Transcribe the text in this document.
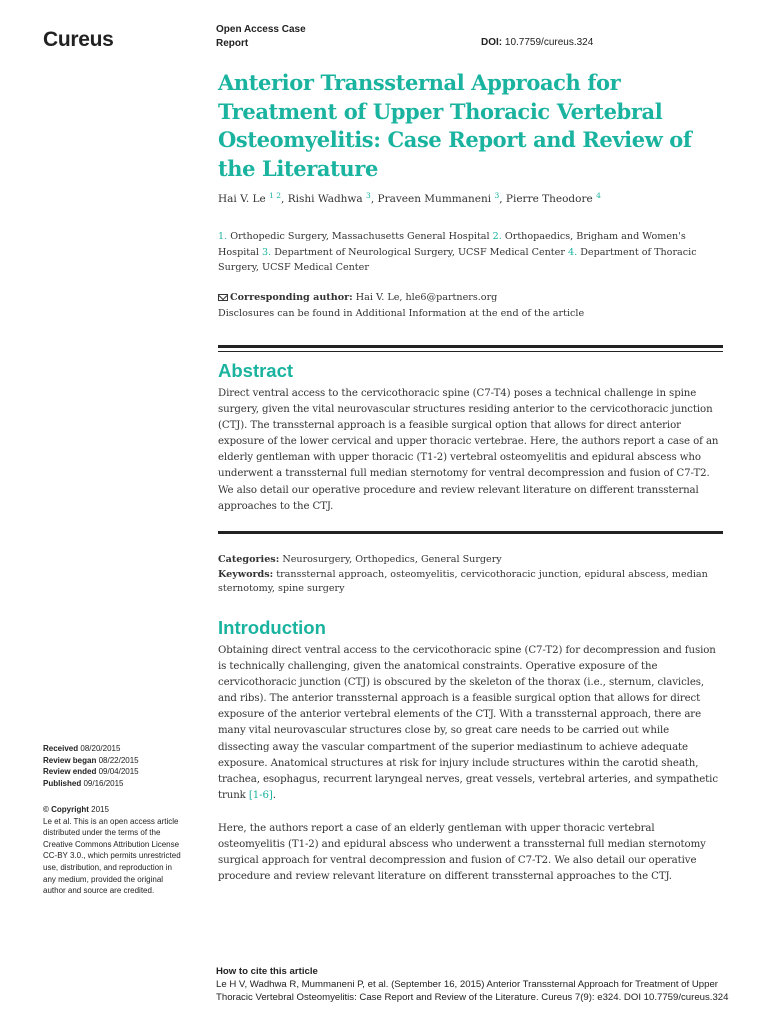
Cureus	Open Access Case
Report	DOI: 10.7759/cureus.324
Anterior Transsternal Approach for Treatment of Upper Thoracic Vertebral Osteomyelitis: Case Report and Review of the Literature
Hai V. Le $^{1 2}$, Rishi Wadhwa $^3$, Praveen Mummaneni $^3$, Pierre Theodore $^4$
1. Orthopedic Surgery, Massachusetts General Hospital 2. Orthopaedics, Brigham and Women's Hospital 3. Department of Neurological Surgery, UCSF Medical Center 4. Department of Thoracic Surgery, UCSF Medical Center
Corresponding author: Hai V. Le, hle6@partners.org
Disclosures can be found in Additional Information at the end of the article
Abstract
Direct ventral access to the cervicothoracic spine (C7-T4) poses a technical challenge in spine surgery, given the vital neurovascular structures residing anterior to the cervicothoracic junction (CTJ). The transsternal approach is a feasible surgical option that allows for direct anterior exposure of the lower cervical and upper thoracic vertebrae. Here, the authors report a case of an elderly gentleman with upper thoracic (T1-2) vertebral osteomyelitis and epidural abscess who underwent a transsternal full median sternotomy for ventral decompression and fusion of C7-T2. We also detail our operative procedure and review relevant literature on different transsternal approaches to the CTJ.
Categories: Neurosurgery, Orthopedics, General Surgery
Keywords: transsternal approach, osteomyelitis, cervicothoracic junction, epidural abscess, median sternotomy, spine surgery
Introduction
Obtaining direct ventral access to the cervicothoracic spine (C7-T2) for decompression and fusion is technically challenging, given the anatomical constraints. Operative exposure of the cervicothoracic junction (CTJ) is obscured by the skeleton of the thorax (i.e., sternum, clavicles, and ribs). The anterior transsternal approach is a feasible surgical option that allows for direct exposure of the anterior vertebral elements of the CTJ. With a transsternal approach, there are many vital neurovascular structures close by, so great care needs to be carried out while dissecting away the vascular compartment of the superior mediastinum to achieve adequate exposure. Anatomical structures at risk for injury include structures within the carotid sheath, trachea, esophagus, recurrent laryngeal nerves, great vessels, vertebral arteries, and sympathetic trunk [1-6].
Here, the authors report a case of an elderly gentleman with upper thoracic vertebral osteomyelitis (T1-2) and epidural abscess who underwent a transsternal full median sternotomy surgical approach for ventral decompression and fusion of C7-T2. We also detail our operative procedure and review relevant literature on different transsternal approaches to the CTJ.
Received 08/20/2015
Review began 08/22/2015
Review ended 09/04/2015
Published 09/16/2015
© Copyright 2015
Le et al. This is an open access article distributed under the terms of the Creative Commons Attribution License CC-BY 3.0., which permits unrestricted use, distribution, and reproduction in any medium, provided the original author and source are credited.
How to cite this article
Le H V, Wadhwa R, Mummaneni P, et al. (September 16, 2015) Anterior Transsternal Approach for Treatment of Upper Thoracic Vertebral Osteomyelitis: Case Report and Review of the Literature. Cureus 7(9): e324. DOI 10.7759/cureus.324
